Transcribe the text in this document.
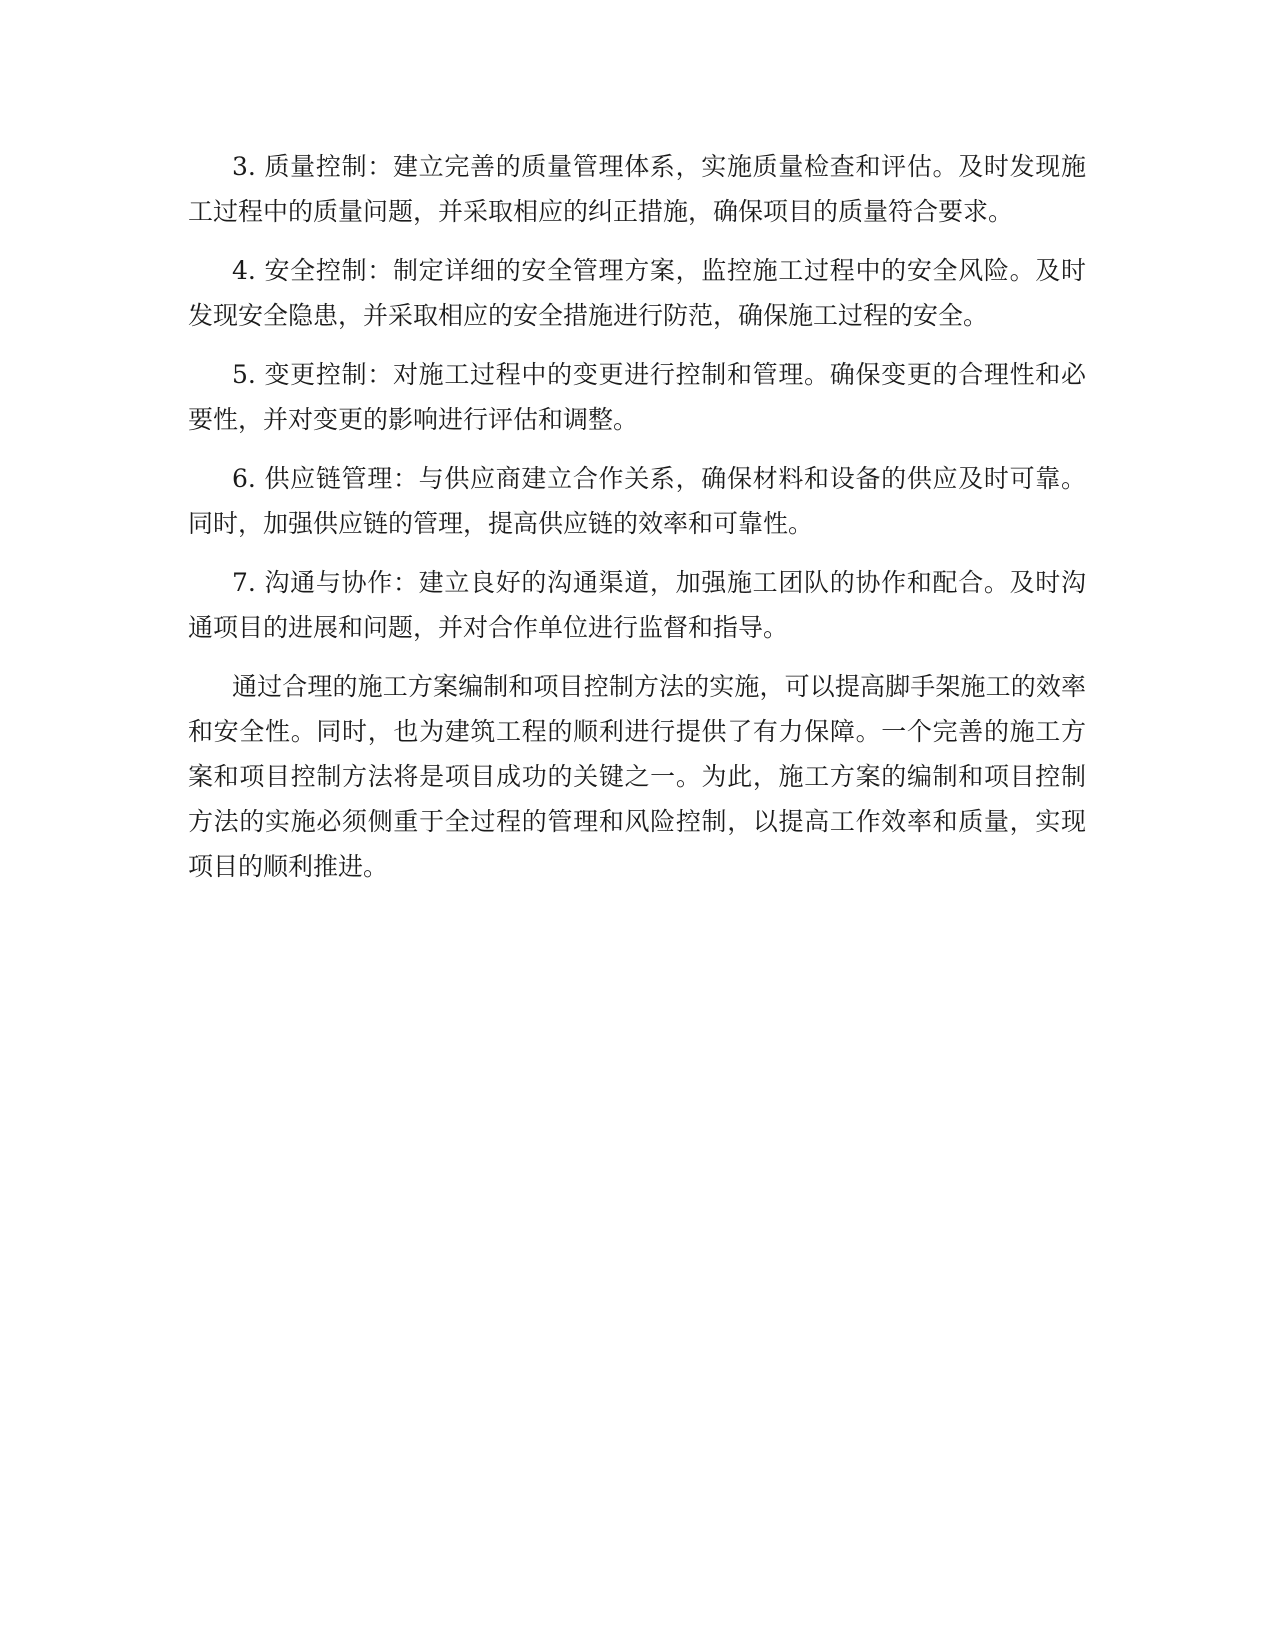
3. 质量控制：建立完善的质量管理体系，实施质量检查和评估。及时发现施工过程中的质量问题，并采取相应的纠正措施，确保项目的质量符合要求。

4. 安全控制：制定详细的安全管理方案，监控施工过程中的安全风险。及时发现安全隐患，并采取相应的安全措施进行防范，确保施工过程的安全。

5. 变更控制：对施工过程中的变更进行控制和管理。确保变更的合理性和必要性，并对变更的影响进行评估和调整。

6. 供应链管理：与供应商建立合作关系，确保材料和设备的供应及时可靠。同时，加强供应链的管理，提高供应链的效率和可靠性。

7. 沟通与协作：建立良好的沟通渠道，加强施工团队的协作和配合。及时沟通项目的进展和问题，并对合作单位进行监督和指导。

通过合理的施工方案编制和项目控制方法的实施，可以提高脚手架施工的效率和安全性。同时，也为建筑工程的顺利进行提供了有力保障。一个完善的施工方案和项目控制方法将是项目成功的关键之一。为此，施工方案的编制和项目控制方法的实施必须侧重于全过程的管理和风险控制，以提高工作效率和质量，实现项目的顺利推进。
